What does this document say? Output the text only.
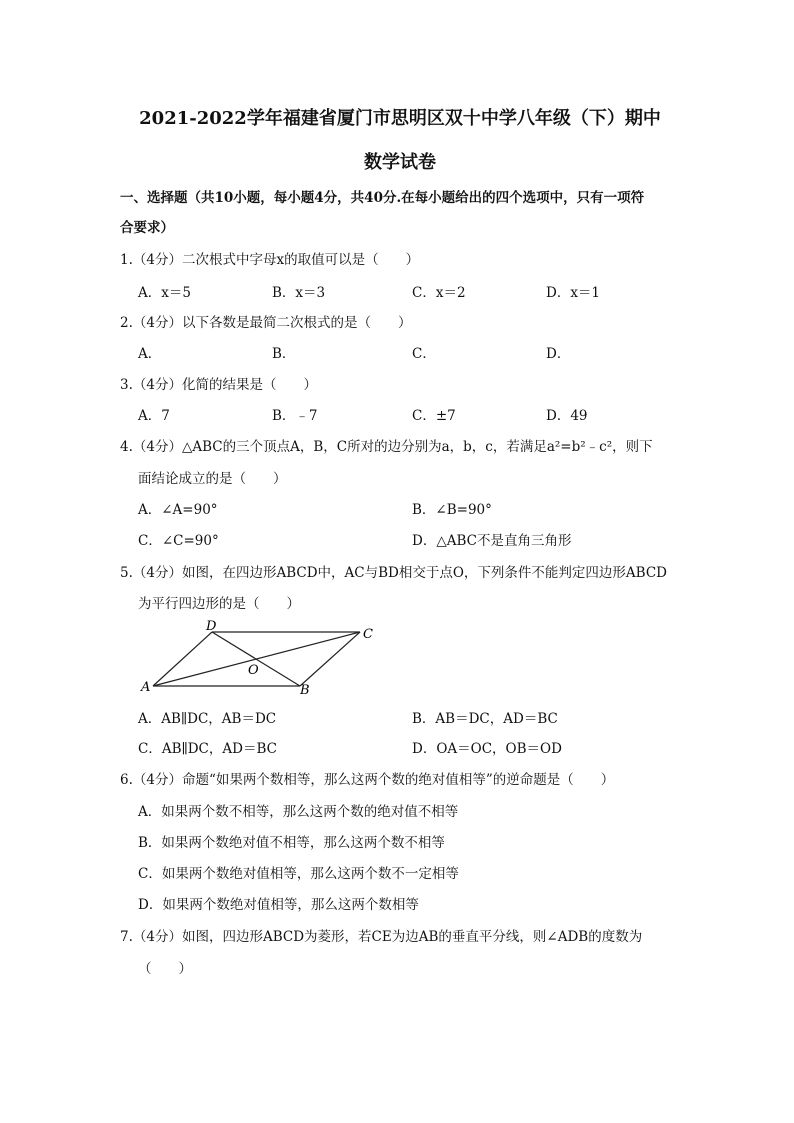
2021-2022学年福建省厦门市思明区双十中学八年级（下）期中
数学试卷
一、选择题（共10小题，每小题4分，共40分.在每小题给出的四个选项中，只有一项符
合要求）
1.（4分）二次根式中字母x的取值可以是（　　）
A．x＝5	B．x＝3	C．x＝2	D．x＝1
2.（4分）以下各数是最简二次根式的是（　　）
A．	B．	C．	D．
3.（4分）化简的结果是（　　）
A．7	B．﹣7	C．±7	D．49
4.（4分）△ABC的三个顶点A，B，C所对的边分别为a，b，c，若满足a²=b²﹣c²，则下
面结论成立的是（　　）
A．∠A=90°	B．∠B=90°
C．∠C=90°	D．△ABC不是直角三角形
5.（4分）如图，在四边形ABCD中，AC与BD相交于点O，下列条件不能判定四边形ABCD
为平行四边形的是（　　）
D
C
O
A	B
A．AB∥DC，AB＝DC	B．AB＝DC，AD＝BC
C．AB∥DC，AD＝BC	D．OA＝OC，OB＝OD
6.（4分）命题“如果两个数相等，那么这两个数的绝对值相等”的逆命题是（　　）
A．如果两个数不相等，那么这两个数的绝对值不相等
B．如果两个数绝对值不相等，那么这两个数不相等
C．如果两个数绝对值相等，那么这两个数不一定相等
D．如果两个数绝对值相等，那么这两个数相等
7.（4分）如图，四边形ABCD为菱形，若CE为边AB的垂直平分线，则∠ADB的度数为
（　　）
